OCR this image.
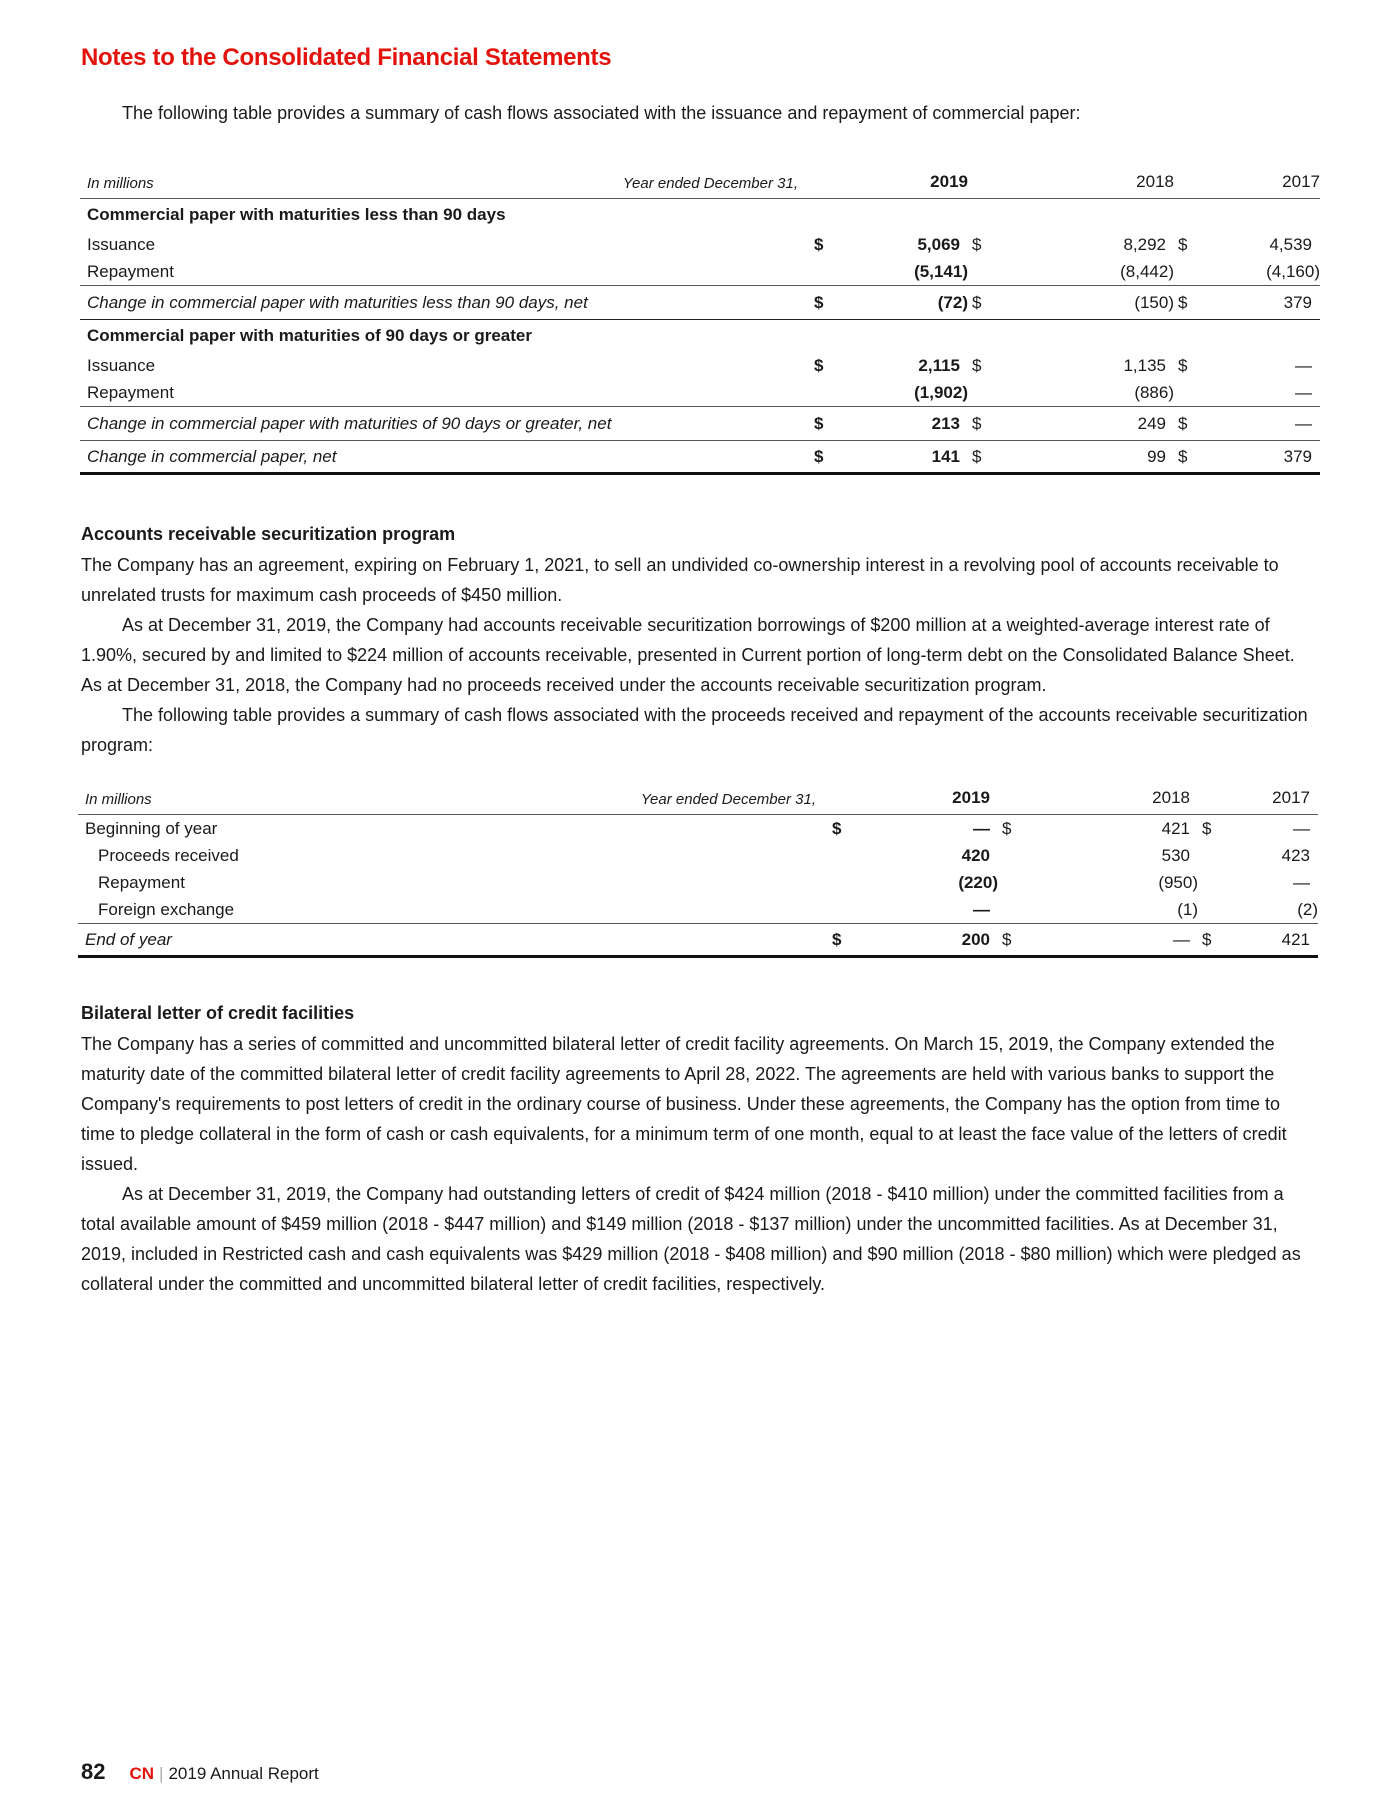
Notes to the Consolidated Financial Statements

The following table provides a summary of cash flows associated with the issuance and repayment of commercial paper:

In millions Year ended December 31,		2019		2018		2017
Commercial paper with maturities less than 90 days						
Issuance	$	5,069	$	8,292	$	4,539
Repayment		(5,141)		(8,442)		(4,160)
Change in commercial paper with maturities less than 90 days, net	$	(72)	$	(150)	$	379
Commercial paper with maturities of 90 days or greater						
Issuance	$	2,115	$	1,135	$	—
Repayment		(1,902)		(886)		—
Change in commercial paper with maturities of 90 days or greater, net	$	213	$	249	$	—
Change in commercial paper, net	$	141	$	99	$	379
Accounts receivable securitization program

The Company has an agreement, expiring on February 1, 2021, to sell an undivided co-ownership interest in a revolving pool of accounts receivable to unrelated trusts for maximum cash proceeds of $450 million.

As at December 31, 2019, the Company had accounts receivable securitization borrowings of $200 million at a weighted-average interest rate of 1.90%, secured by and limited to $224 million of accounts receivable, presented in Current portion of long-term debt on the Consolidated Balance Sheet. As at December 31, 2018, the Company had no proceeds received under the accounts receivable securitization program.

The following table provides a summary of cash flows associated with the proceeds received and repayment of the accounts receivable securitization program:

In millions Year ended December 31,		2019		2018		2017
Beginning of year	$	—	$	421	$	—
Proceeds received		420		530		423
Repayment		(220)		(950)		—
Foreign exchange		—		(1)		(2)
End of year	$	200	$	—	$	421
Bilateral letter of credit facilities

The Company has a series of committed and uncommitted bilateral letter of credit facility agreements. On March 15, 2019, the Company extended the maturity date of the committed bilateral letter of credit facility agreements to April 28, 2022. The agreements are held with various banks to support the Company's requirements to post letters of credit in the ordinary course of business. Under these agreements, the Company has the option from time to time to pledge collateral in the form of cash or cash equivalents, for a minimum term of one month, equal to at least the face value of the letters of credit issued.

As at December 31, 2019, the Company had outstanding letters of credit of $424 million (2018 - $410 million) under the committed facilities from a total available amount of $459 million (2018 - $447 million) and $149 million (2018 - $137 million) under the uncommitted facilities. As at December 31, 2019, included in Restricted cash and cash equivalents was $429 million (2018 - $408 million) and $90 million (2018 - $80 million) which were pledged as collateral under the committed and uncommitted bilateral letter of credit facilities, respectively.

82 CN | 2019 Annual Report
